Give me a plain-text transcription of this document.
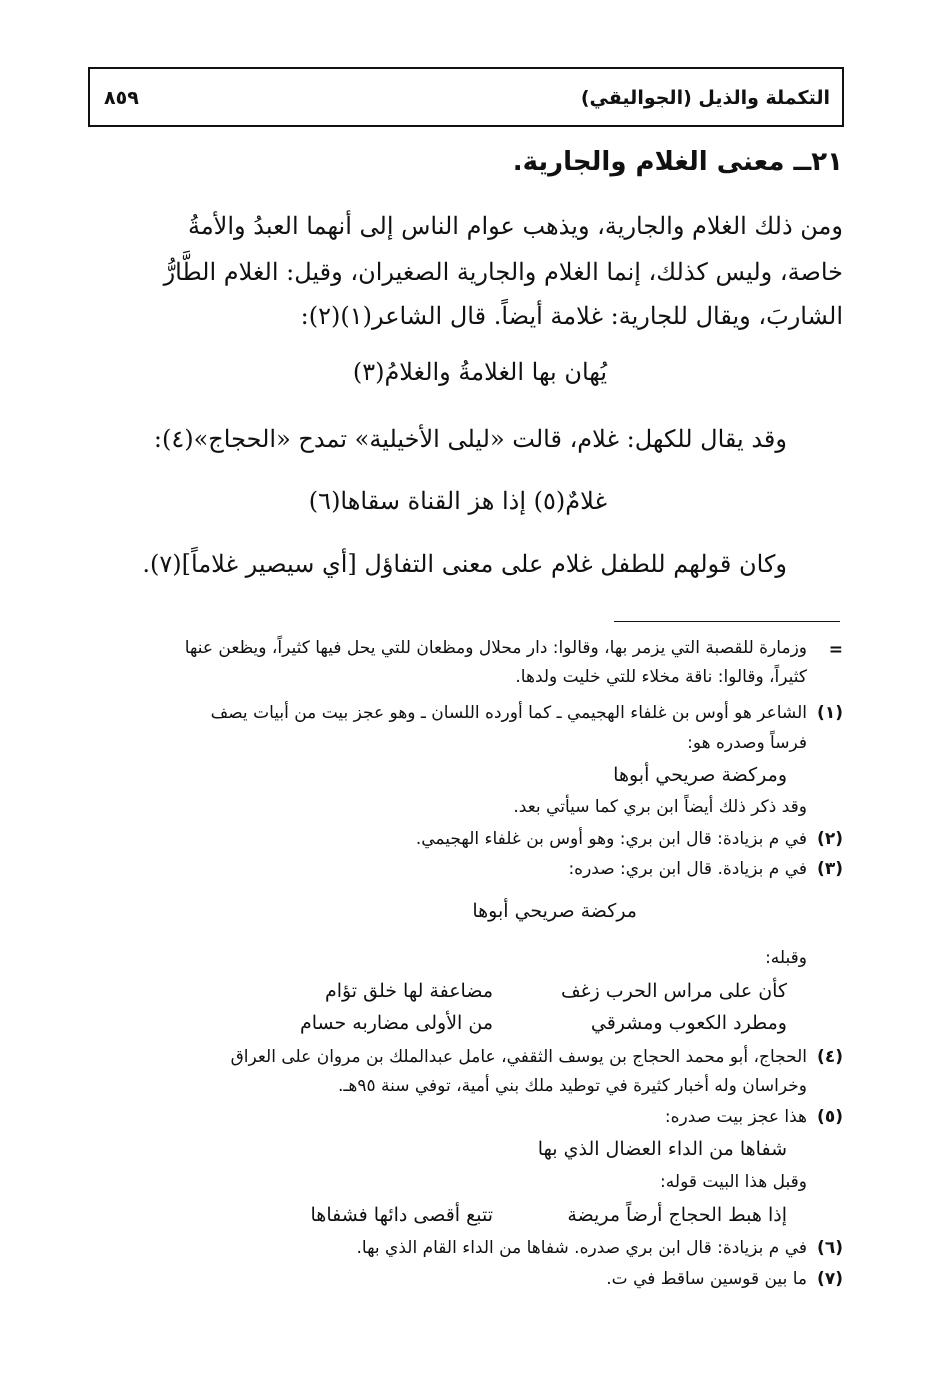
التكملة والذيل (الجواليقي)
٨٥٩
٢١ــ معنى الغلام والجارية.
ومن ذلك الغلام والجارية، ويذهب عوام الناس إلى أنهما العبدُ والأمةُ
خاصة، وليس كذلك، إنما الغلام والجارية الصغيران، وقيل: الغلام الطَّارُّ
الشاربَ، ويقال للجارية: غلامة أيضاً. قال الشاعر(١)(٢):
يُهان بها الغلامةُ والغلامُ(٣)
وقد يقال للكهل: غلام، قالت «ليلى الأخيلية» تمدح «الحجاج»(٤):
غلامٌ(٥) إذا هز القناة سقاها(٦)
وكان قولهم للطفل غلام على معنى التفاؤل [أي سيصير غلاماً](٧).
=
وزمارة للقصبة التي يزمر بها، وقالوا: دار محلال ومظعان للتي يحل فيها كثيراً، ويظعن عنها
كثيراً، وقالوا: ناقة مخلاء للتي خليت ولدها.
(١)
الشاعر هو أوس بن غلفاء الهجيمي ـ كما أورده اللسان ـ وهو عجز بيت من أبيات يصف
فرساً وصدره هو:
ومركضة صريحي أبوها
وقد ذكر ذلك أيضاً ابن بري كما سيأتي بعد.
(٢)
في م بزيادة: قال ابن بري: وهو أوس بن غلفاء الهجيمي.
(٣)
في م بزيادة. قال ابن بري: صدره:
مركضة صريحي أبوها
وقبله:
كأن على مراس الحرب زغف
مضاعفة لها خلق تؤام
ومطرد الكعوب ومشرقي
من الأولى مضاربه حسام
(٤)
الحجاج، أبو محمد الحجاج بن يوسف الثقفي، عامل عبدالملك بن مروان على العراق
وخراسان وله أخبار كثيرة في توطيد ملك بني أمية، توفي سنة ٩٥هـ.
(٥)
هذا عجز بيت صدره:
شفاها من الداء العضال الذي بها
وقبل هذا البيت قوله:
إذا هبط الحجاج أرضاً مريضة
تتبع أقصى دائها فشفاها
(٦)
في م بزيادة: قال ابن بري صدره. شفاها من الداء القام الذي بها.
(٧)
ما بين قوسين ساقط في ت.
